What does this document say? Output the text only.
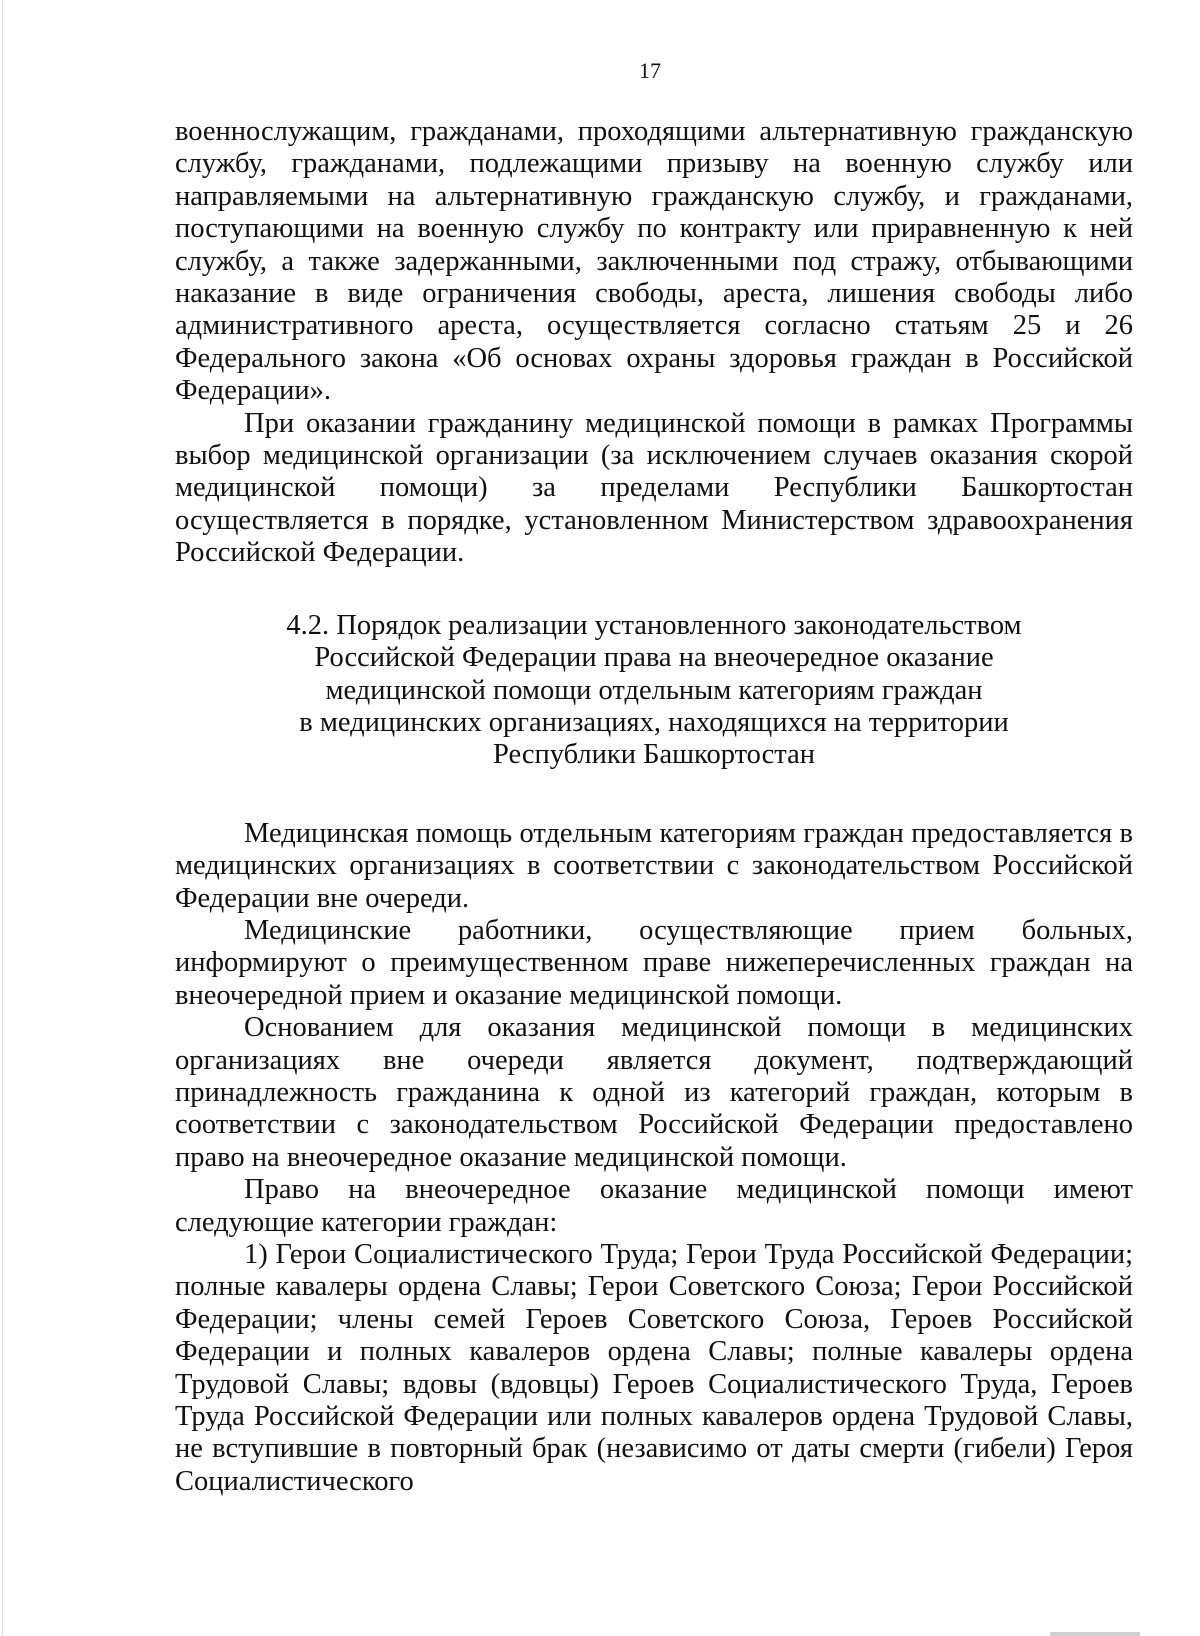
17

военнослужащим, гражданами, проходящими альтернативную гражданскую службу, гражданами, подлежащими призыву на военную службу или направляемыми на альтернативную гражданскую службу, и гражданами, поступающими на военную службу по контракту или приравненную к ней службу, а также задержанными, заключенными под стражу, отбывающими наказание в виде ограничения свободы, ареста, лишения свободы либо административного ареста, осуществляется согласно статьям 25 и 26 Федерального закона «Об основах охраны здоровья граждан в Российской Федерации».

При оказании гражданину медицинской помощи в рамках Программы выбор медицинской организации (за исключением случаев оказания скорой медицинской помощи) за пределами Республики Башкортостан осуществляется в порядке, установленном Министерством здравоохранения Российской Федерации.

4.2. Порядок реализации установленного законодательством
Российской Федерации права на внеочередное оказание
медицинской помощи отдельным категориям граждан
в медицинских организациях, находящихся на территории
Республики Башкортостан

Медицинская помощь отдельным категориям граждан предоставляется в медицинских организациях в соответствии с законодательством Российской Федерации вне очереди.

Медицинские работники, осуществляющие прием больных, информируют о преимущественном праве нижеперечисленных граждан на внеочередной прием и оказание медицинской помощи.

Основанием для оказания медицинской помощи в медицинских организациях вне очереди является документ, подтверждающий принадлежность гражданина к одной из категорий граждан, которым в соответствии с законодательством Российской Федерации предоставлено право на внеочередное оказание медицинской помощи.

Право на внеочередное оказание медицинской помощи имеют следующие категории граждан:

1) Герои Социалистического Труда; Герои Труда Российской Федерации; полные кавалеры ордена Славы; Герои Советского Союза; Герои Российской Федерации; члены семей Героев Советского Союза, Героев Российской Федерации и полных кавалеров ордена Славы; полные кавалеры ордена Трудовой Славы; вдовы (вдовцы) Героев Социалистического Труда, Героев Труда Российской Федерации или полных кавалеров ордена Трудовой Славы, не вступившие в повторный брак (независимо от даты смерти (гибели) Героя Социалистического
